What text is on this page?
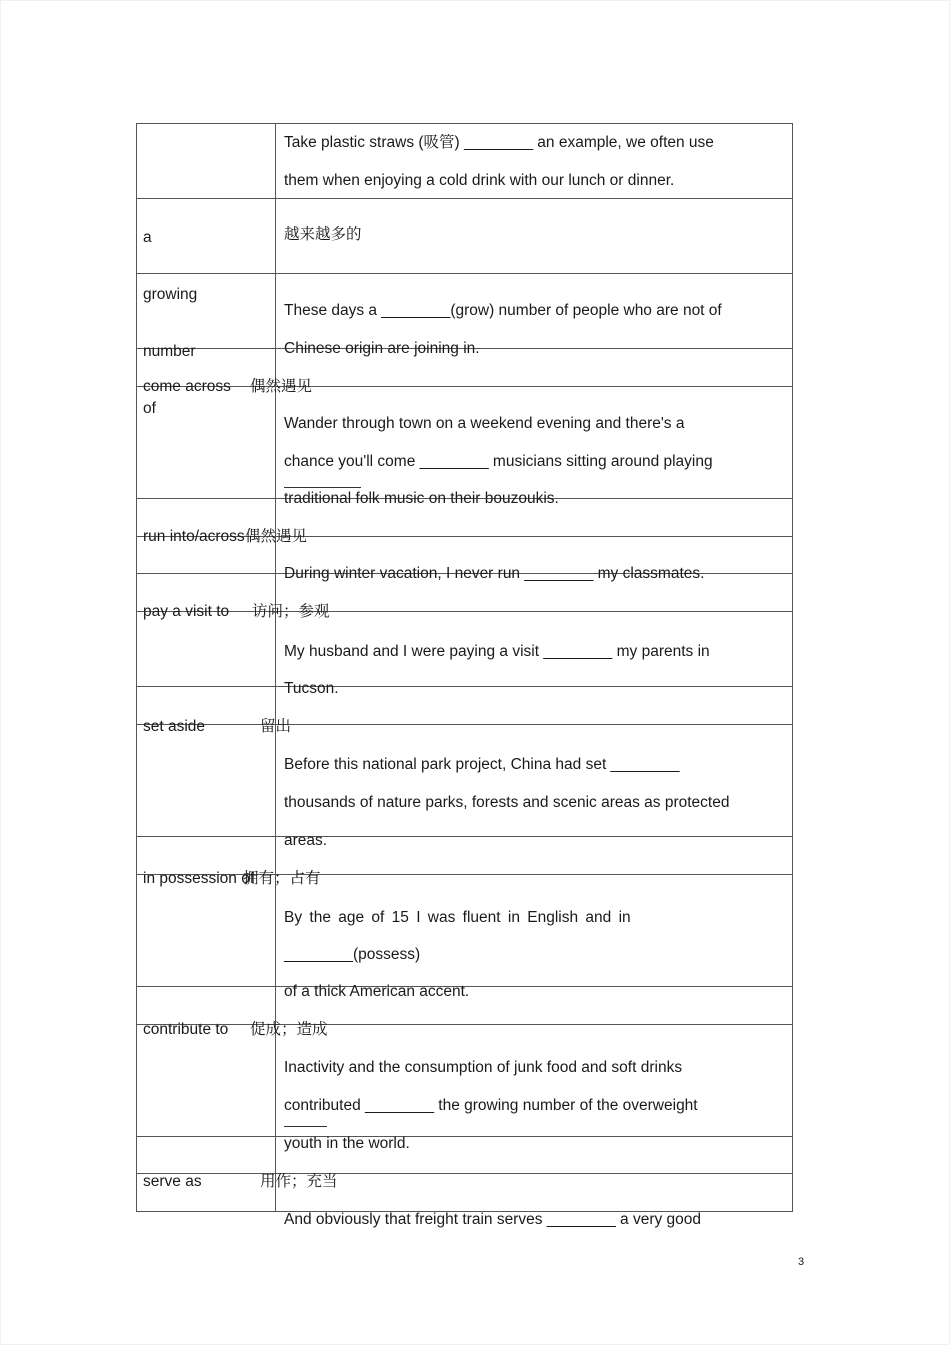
Take plastic straws (吸管) ________ an example, we often use
them when enjoying a cold drink with our lunch or dinner.
a growing number of
越来越多的
These days a ________(grow) number of people who are not of
Chinese origin are joining in.
come across 偶然遇见
Wander through town on a weekend evening and there's a
chance you'll come ________ musicians sitting around playing
traditional folk music on their bouzoukis.
run into/across 偶然遇见
During winter vacation, I never run ________ my classmates.
pay a visit to 访问；参观
My husband and I were paying a visit ________ my parents in
Tucson.
set aside	留出
Before this national park project, China had set ________
thousands of nature parks, forests and scenic areas as protected
areas.
in possession of
拥有；占有
By the age of 15 I was fluent in English and in
________(possess)
of a thick American accent.
contribute to 促成；造成
Inactivity and the consumption of junk food and soft drinks
contributed ________ the growing number of the overweight
youth in the world.
serve as	用作；充当
And obviously that freight train serves ________ a very good
3
